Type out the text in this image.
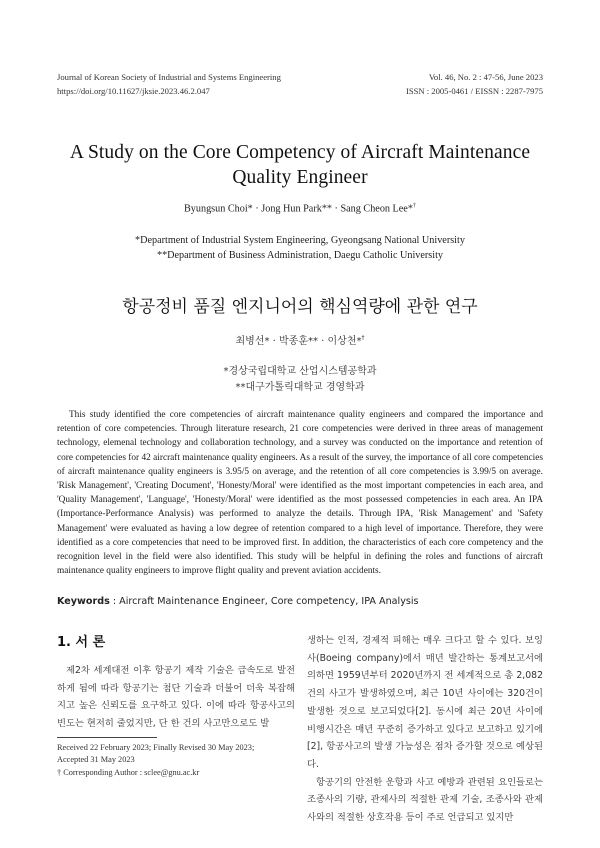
Journal of Korean Society of Industrial and Systems Engineering
https://doi.org/10.11627/jksie.2023.46.2.047
Vol. 46, No. 2 : 47-56, June 2023
ISSN : 2005-0461 / EISSN : 2287-7975
A Study on the Core Competency of Aircraft Maintenance
Quality Engineer
Byungsun Choi* · Jong Hun Park** · Sang Cheon Lee*†
*Department of Industrial System Engineering, Gyeongsang National University
**Department of Business Administration, Daegu Catholic University
항공정비 품질 엔지니어의 핵심역량에 관한 연구
최병선* · 박종훈** · 이상천*†
*경상국립대학교 산업시스템공학과
**대구가톨릭대학교 경영학과

This study identified the core competencies of aircraft maintenance quality engineers and compared the importance and retention of core competencies. Through literature research, 21 core competencies were derived in three areas of management technology, elemenal technology and collaboration technology, and a survey was conducted on the importance and retention of core competencies for 42 aircraft maintenance quality engineers. As a result of the survey, the importance of all core competencies of aircraft maintenance quality engineers is 3.95/5 on average, and the retention of all core competencies is 3.99/5 on average. 'Risk Management', 'Creating Document', 'Honesty/Moral' were identified as the most important competencies in each area, and 'Quality Management', 'Language', 'Honesty/Moral' were identified as the most possessed competencies in each area. An IPA (Importance-Performance Analysis) was performed to analyze the details. Through IPA, 'Risk Management' and 'Safety Management' were evaluated as having a low degree of retention compared to a high level of importance. Therefore, they were identified as a core competencies that need to be improved first. In addition, the characteristics of each core competency and the recognition level in the field were also identified. This study will be helpful in defining the roles and functions of aircraft maintenance quality engineers to improve flight quality and prevent aviation accidents.

Keywords : Aircraft Maintenance Engineer, Core competency, IPA Analysis
1. 서 론

제2차 세계대전 이후 항공기 제작 기술은 급속도로 발전하게 됨에 따라 항공기는 첨단 기술과 더불어 더욱 복잡해지고 높은 신뢰도를 요구하고 있다. 이에 따라 항공사고의 빈도는 현저히 줄었지만, 단 한 건의 사고만으로도 발

생하는 인적, 경제적 피해는 매우 크다고 할 수 있다. 보잉사(Boeing company)에서 매년 발간하는 통계보고서에 의하면 1959년부터 2020년까지 전 세계적으로 총 2,082건의 사고가 발생하였으며, 최근 10년 사이에는 320건이 발생한 것으로 보고되었다[2]. 동시에 최근 20년 사이에 비행시간은 매년 꾸준히 증가하고 있다고 보고하고 있기에[2], 항공사고의 발생 가능성은 점차 증가할 것으로 예상된다.

항공기의 안전한 운항과 사고 예방과 관련된 요인들로는 조종사의 기량, 관제사의 적절한 관제 기술, 조종사와 관제사와의 적절한 상호작용 등이 주로 언급되고 있지만

Received 22 February 2023; Finally Revised 30 May 2023;
Accepted 31 May 2023
† Corresponding Author : sclee@gnu.ac.kr
